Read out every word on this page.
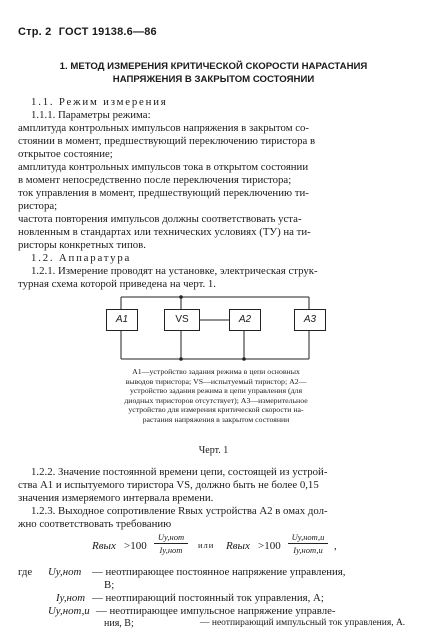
Стр. 2 ГОСТ 19138.6—86
1. МЕТОД ИЗМЕРЕНИЯ КРИТИЧЕСКОЙ СКОРОСТИ НАРАСТАНИЯ
НАПРЯЖЕНИЯ В ЗАКРЫТОМ СОСТОЯНИИ
1.1. Режим измерения
1.1.1. Параметры режима:
амплитуда контрольных импульсов напряжения в закрытом со-
стоянии в момент, предшествующий переключению тиристора в
открытое состояние;
амплитуда контрольных импульсов тока в открытом состоянии
в момент непосредственно после переключения тиристора;
ток управления в момент, предшествующий переключению ти-
ристора;
частота повторения импульсов должны соответствовать уста-
новленным в стандартах или технических условиях (ТУ) на ти-
ристоры конкретных типов.
1.2. Аппаратура
1.2.1. Измерение проводят на установке, электрическая струк-
турная схема которой приведена на черт. 1.
A1	VS	A2	A3
A1—устройство задания режима в цепи основных
выводов тиристора; VS—испытуемый тиристор; A2—
устройство задания режима в цепи управления (для
диодных тиристоров отсутствует); A3—измерительное
устройство для измерения критической скорости на-
растания напряжения в закрытом состоянии
Черт. 1
1.2.2. Значение постоянной времени цепи, состоящей из устрой-
ства A1 и испытуемого тиристора VS, должно быть не более 0,15
значения измеряемого интервала времени.
1.2.3. Выходное сопротивление Rвых устройства A2 в омах дол-
жно соответствовать требованию
Rвых >100
Uу,нот
Iу,нот	или Rвых >100
Uу,нот,и
Iу,нот,и	,
где Uу,нот — неотпирающее постоянное напряжение управления,
В;
Iу,нот — неотпирающий постоянный ток управления, А;
Uу,нот,и — неотпирающее импульсное напряжение управле-
ния, В;	— неотпирающий импульсный ток управления, А.
